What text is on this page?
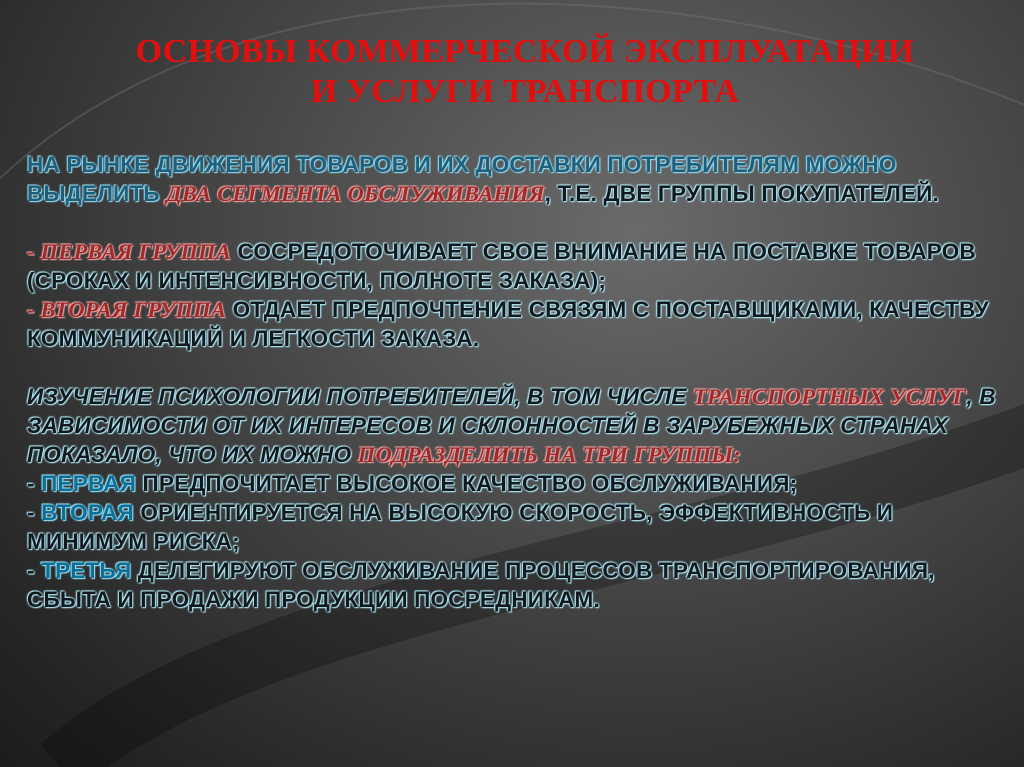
ОСНОВЫ КОММЕРЧЕСКОЙ ЭКСПЛУАТАЦИИ
И УСЛУГИ ТРАНСПОРТА

НА РЫНКЕ ДВИЖЕНИЯ ТОВАРОВ И ИХ ДОСТАВКИ ПОТРЕБИТЕЛЯМ МОЖНО ВЫДЕЛИТЬ ДВА СЕГМЕНТА ОБСЛУЖИВАНИЯ, Т.Е. ДВЕ ГРУППЫ ПОКУПАТЕЛЕЙ.

- ПЕРВАЯ ГРУППА СОСРЕДОТОЧИВАЕТ СВОЕ ВНИМАНИЕ НА ПОСТАВКЕ ТОВАРОВ (СРОКАХ И ИНТЕНСИВНОСТИ, ПОЛНОТЕ ЗАКАЗА);

- ВТОРАЯ ГРУППА ОТДАЕТ ПРЕДПОЧТЕНИЕ СВЯЗЯМ С ПОСТАВЩИКАМИ, КАЧЕСТВУ КОММУНИКАЦИЙ И ЛЕГКОСТИ ЗАКАЗА.

ИЗУЧЕНИЕ ПСИХОЛОГИИ ПОТРЕБИТЕЛЕЙ, В ТОМ ЧИСЛЕ ТРАНСПОРТНЫХ УСЛУГ, В ЗАВИСИМОСТИ ОТ ИХ ИНТЕРЕСОВ И СКЛОННОСТЕЙ В ЗАРУБЕЖНЫХ СТРАНАХ ПОКАЗАЛО, ЧТО ИХ МОЖНО ПОДРАЗДЕЛИТЬ НА ТРИ ГРУППЫ:

- ПЕРВАЯ ПРЕДПОЧИТАЕТ ВЫСОКОЕ КАЧЕСТВО ОБСЛУЖИВАНИЯ;

- ВТОРАЯ ОРИЕНТИРУЕТСЯ НА ВЫСОКУЮ СКОРОСТЬ, ЭФФЕКТИВНОСТЬ И МИНИМУМ РИСКА;

- ТРЕТЬЯ ДЕЛЕГИРУЮТ ОБСЛУЖИВАНИЕ ПРОЦЕССОВ ТРАНСПОРТИРОВАНИЯ, СБЫТА И ПРОДАЖИ ПРОДУКЦИИ ПОСРЕДНИКАМ.
